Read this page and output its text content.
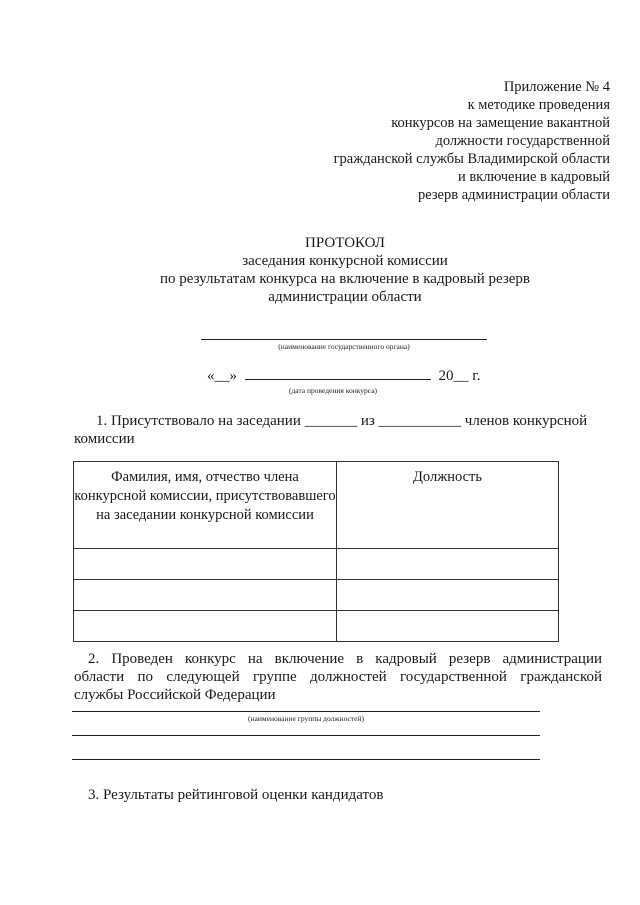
Приложение № 4
к методике проведения
конкурсов на замещение вакантной
должности государственной
гражданской службы Владимирской области
и включение в кадровый
резерв администрации области
ПРОТОКОЛ
заседания конкурсной комиссии
по результатам конкурса на включение в кадровый резерв
администрации области
(наименование государственного органа)
«__»	20__ г.
(дата проведения конкурса)
1. Присутствовало на заседании _______ из ___________ членов конкурсной
комиссии
Фамилия, имя, отчество члена конкурсной комиссии, присутствовавшего на заседании конкурсной комиссии	Должность

2. Проведен конкурс на включение в кадровый резерв администрации
области по следующей группе должностей государственной гражданской
службы Российской Федерации
(наименование группы должностей)
3. Результаты рейтинговой оценки кандидатов
